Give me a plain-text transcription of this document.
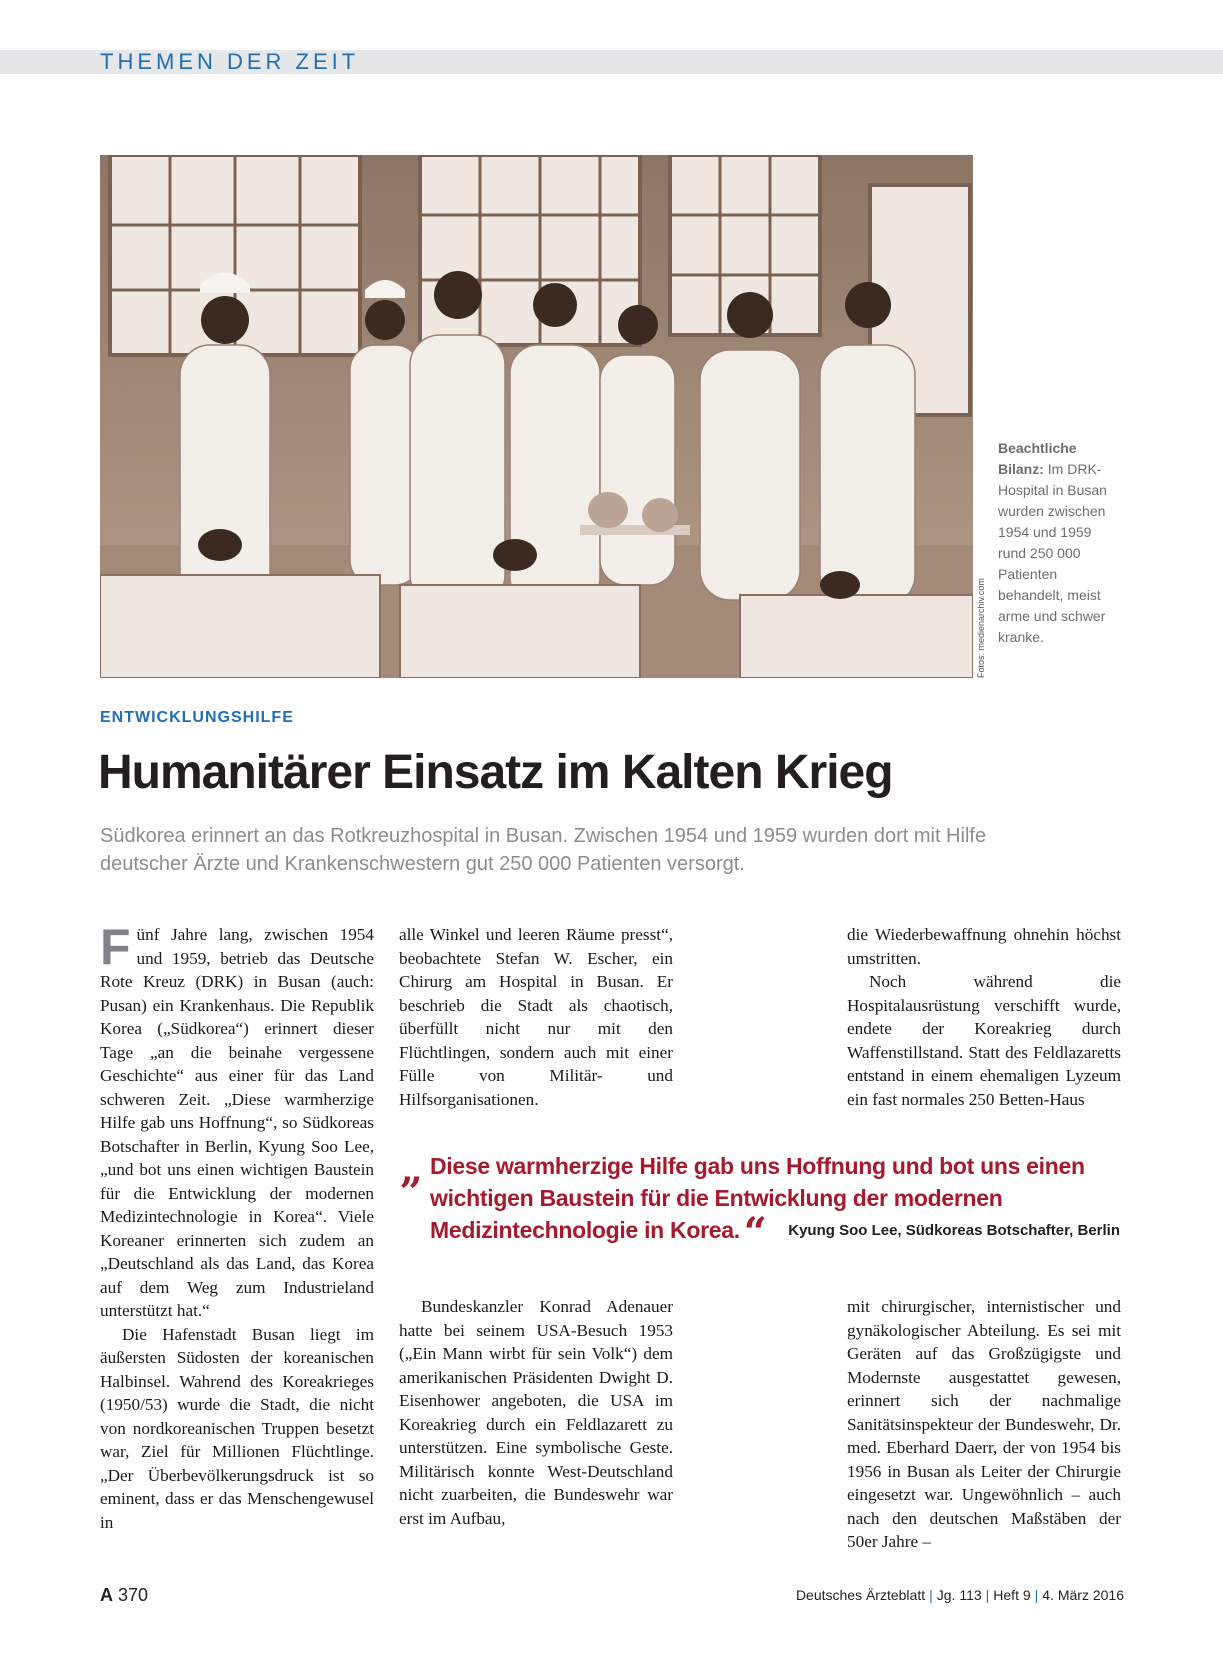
THEMEN DER ZEIT
Fotos: medienarchiv.com
Beachtliche Bilanz: Im DRK-Hospital in Busan wurden zwischen 1954 und 1959 rund 250 000 Patienten behandelt, meist arme und schwer kranke.
ENTWICKLUNGSHILFE
Humanitärer Einsatz im Kalten Krieg
Südkorea erinnert an das Rotkreuzhospital in Busan. Zwischen 1954 und 1959 wurden dort mit Hilfe deutscher Ärzte und Krankenschwestern gut 250 000 Patienten versorgt.

Fünf Jahre lang, zwischen 1954 und 1959, betrieb das Deutsche Rote Kreuz (DRK) in Busan (auch: Pusan) ein Krankenhaus. Die Republik Korea („Südkorea“) erinnert dieser Tage „an die beinahe vergessene Geschichte“ aus einer für das Land schweren Zeit. „Diese warmherzige Hilfe gab uns Hoffnung“, so Südkoreas Botschafter in Berlin, Kyung Soo Lee, „und bot uns einen wichtigen Baustein für die Entwicklung der modernen Medizintechnologie in Korea“. Viele Koreaner erinnerten sich zudem an „Deutschland als das Land, das Korea auf dem Weg zum Industrieland unterstützt hat.“

Die Hafenstadt Busan liegt im äußersten Südosten der koreanischen Halbinsel. Wahrend des Koreakrieges (1950/53) wurde die Stadt, die nicht von nordkoreanischen Truppen besetzt war, Ziel für Millionen Flüchtlinge. „Der Überbevölkerungsdruck ist so eminent, dass er das Menschengewusel in

alle Winkel und leeren Räume presst“, beobachtete Stefan W. Escher, ein Chirurg am Hospital in Busan. Er beschrieb die Stadt als chaotisch, überfüllt nicht nur mit den Flüchtlingen, sondern auch mit einer Fülle von Militär- und Hilfsorganisationen.

die Wiederbewaffnung ohnehin höchst umstritten.

Noch während die Hospitalausrüstung verschifft wurde, endete der Koreakrieg durch Waffenstillstand. Statt des Feldlazaretts entstand in einem ehemaligen Lyzeum ein fast normales 250 Betten-Haus

„ Diese warmherzige Hilfe gab uns Hoffnung und bot uns einen wichtigen Baustein für die Entwicklung der modernen Medizintechnologie in Korea. “	Kyung Soo Lee, Südkoreas Botschafter, Berlin

Bundeskanzler Konrad Adenauer hatte bei seinem USA-Besuch 1953 („Ein Mann wirbt für sein Volk“) dem amerikanischen Präsidenten Dwight D. Eisenhower angeboten, die USA im Koreakrieg durch ein Feldlazarett zu unterstützen. Eine symbolische Geste. Militärisch konnte West-Deutschland nicht zuarbeiten, die Bundeswehr war erst im Aufbau,

mit chirurgischer, internistischer und gynäkologischer Abteilung. Es sei mit Geräten auf das Großzügigste und Modernste ausgestattet gewesen, erinnert sich der nachmalige Sanitätsinspekteur der Bundeswehr, Dr. med. Eberhard Daerr, der von 1954 bis 1956 in Busan als Leiter der Chirurgie eingesetzt war. Ungewöhnlich – auch nach den deutschen Maßstäben der 50er Jahre –

A 370	Deutsches Ärzteblatt | Jg. 113 | Heft 9 | 4. März 2016
